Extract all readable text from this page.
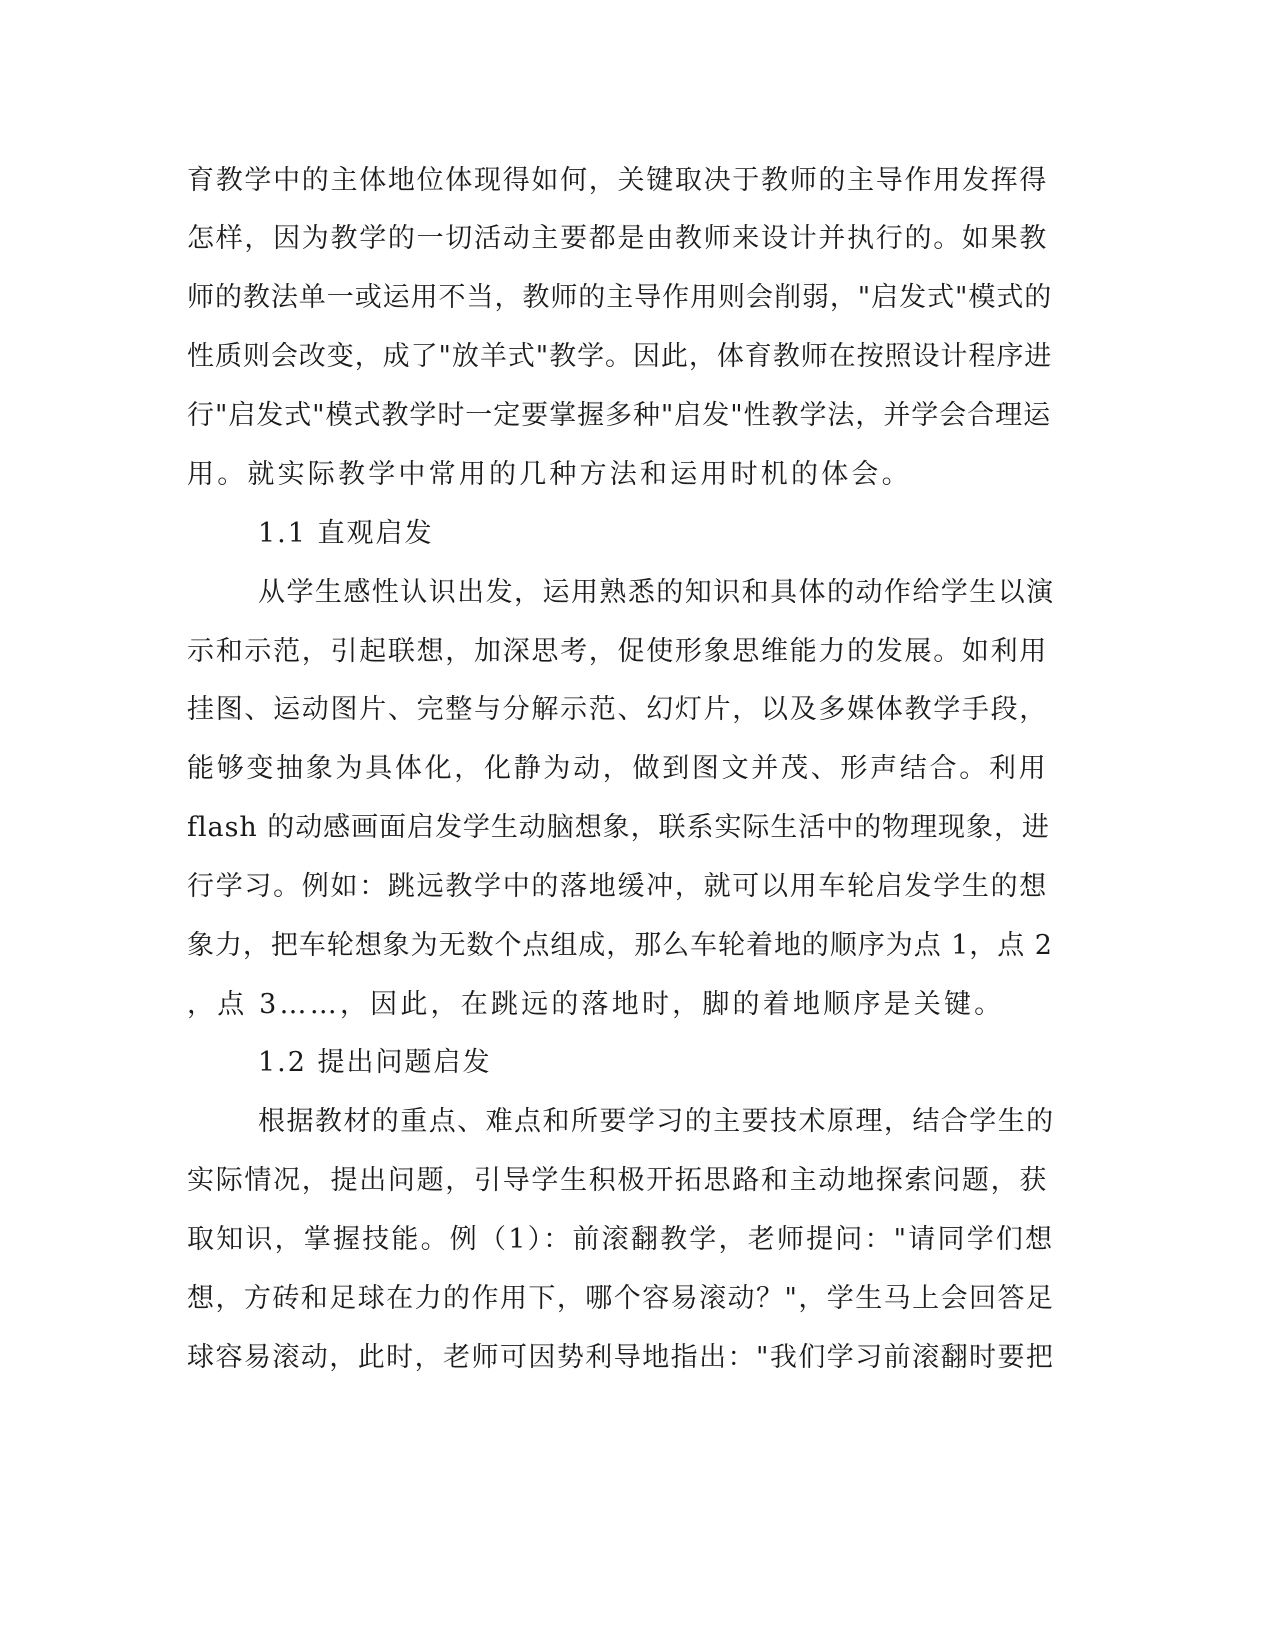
育教学中的主体地位体现得如何，关键取决于教师的主导作用发挥得
怎样，因为教学的一切活动主要都是由教师来设计并执行的。如果教
师的教法单一或运用不当，教师的主导作用则会削弱，"启发式"模式的
性质则会改变，成了"放羊式"教学。因此，体育教师在按照设计程序进
行"启发式"模式教学时一定要掌握多种"启发"性教学法，并学会合理运
用。就实际教学中常用的几种方法和运用时机的体会。
1.1 直观启发
从学生感性认识出发，运用熟悉的知识和具体的动作给学生以演
示和示范，引起联想，加深思考，促使形象思维能力的发展。如利用
挂图、运动图片、完整与分解示范、幻灯片，以及多媒体教学手段，
能够变抽象为具体化，化静为动，做到图文并茂、形声结合。利用
flash 的动感画面启发学生动脑想象，联系实际生活中的物理现象，进
行学习。例如：跳远教学中的落地缓冲，就可以用车轮启发学生的想
象力，把车轮想象为无数个点组成，那么车轮着地的顺序为点 1，点 2
，点 3……，因此，在跳远的落地时，脚的着地顺序是关键。
1.2 提出问题启发
根据教材的重点、难点和所要学习的主要技术原理，结合学生的
实际情况，提出问题，引导学生积极开拓思路和主动地探索问题，获
取知识，掌握技能。例（1）：前滚翻教学，老师提问："请同学们想
想，方砖和足球在力的作用下，哪个容易滚动？"，学生马上会回答足
球容易滚动，此时，老师可因势利导地指出："我们学习前滚翻时要把
